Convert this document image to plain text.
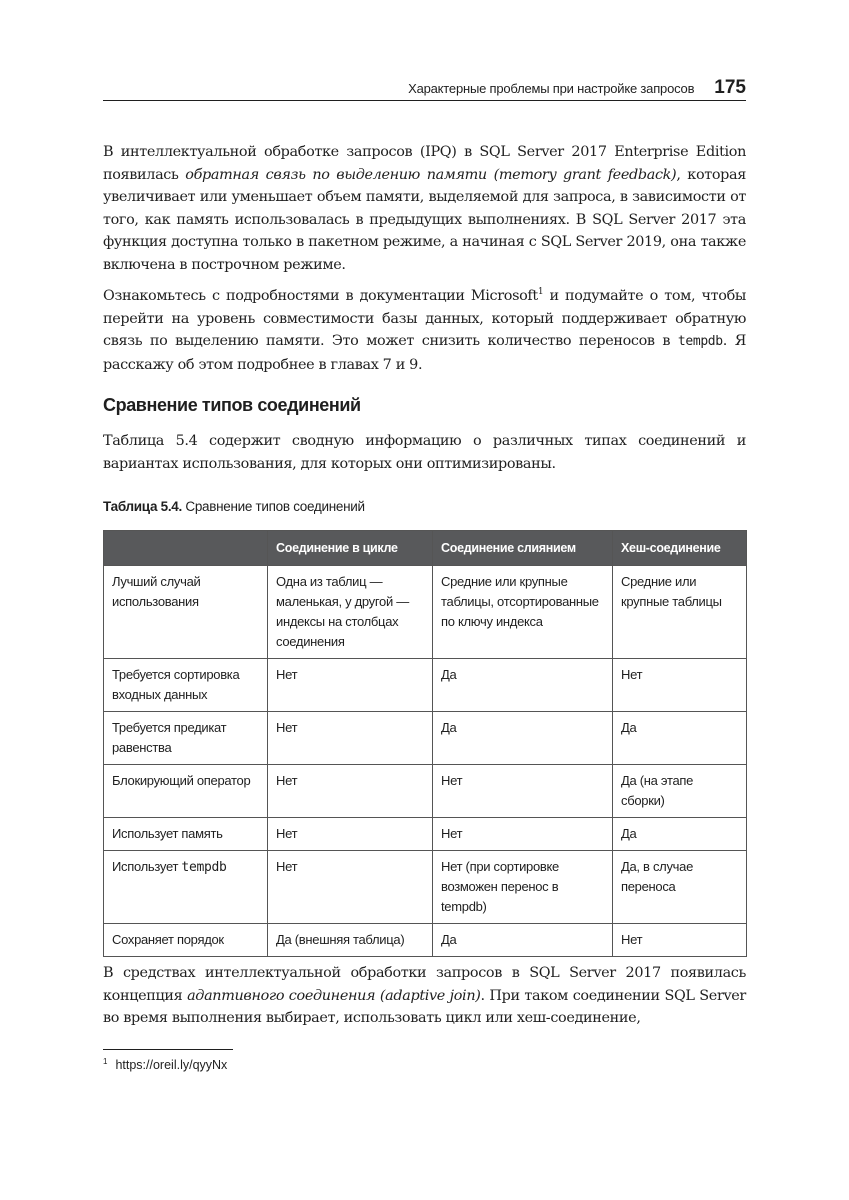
Характерные проблемы при настройке запросов 175

В интеллектуальной обработке запросов (IPQ) в SQL Server 2017 Enterprise Edition появилась обратная связь по выделению памяти (memory grant feedback), которая увеличивает или уменьшает объем памяти, выделяемой для запроса, в зависимости от того, как память использовалась в предыдущих выполнениях. В SQL Server 2017 эта функция доступна только в пакетном режиме, а начиная с SQL Server 2019, она также включена в построчном режиме.

Ознакомьтесь с подробностями в документации Microsoft$^1$ и подумайте о том, чтобы перейти на уровень совместимости базы данных, который поддерживает обратную связь по выделению памяти. Это может снизить количество переносов в tempdb. Я расскажу об этом подробнее в главах 7 и 9.

Сравнение типов соединений

Таблица 5.4 содержит сводную информацию о различных типах соединений и вариантах использования, для которых они оптимизированы.

Таблица 5.4. Сравнение типов соединений
	Соединение в цикле	Соединение слиянием	Хеш-соединение
Лучший случай использования	Одна из таблиц — маленькая, у другой — индексы на столбцах соединения	Средние или крупные таблицы, отсортированные по ключу индекса	Средние или крупные таблицы
Требуется сортировка входных данных	Нет	Да	Нет
Требуется предикат равенства	Нет	Да	Да
Блокирующий оператор	Нет	Нет	Да (на этапе сборки)
Использует память	Нет	Нет	Да
Использует tempdb	Нет	Нет (при сортировке возможен перенос в tempdb)	Да, в случае переноса
Сохраняет порядок	Да (внешняя таблица)	Да	Нет

В средствах интеллектуальной обработки запросов в SQL Server 2017 появилась концепция адаптивного соединения (adaptive join). При таком соединении SQL Server во время выполнения выбирает, использовать цикл или хеш-соединение,

$^1$ https://oreil.ly/qyyNx
